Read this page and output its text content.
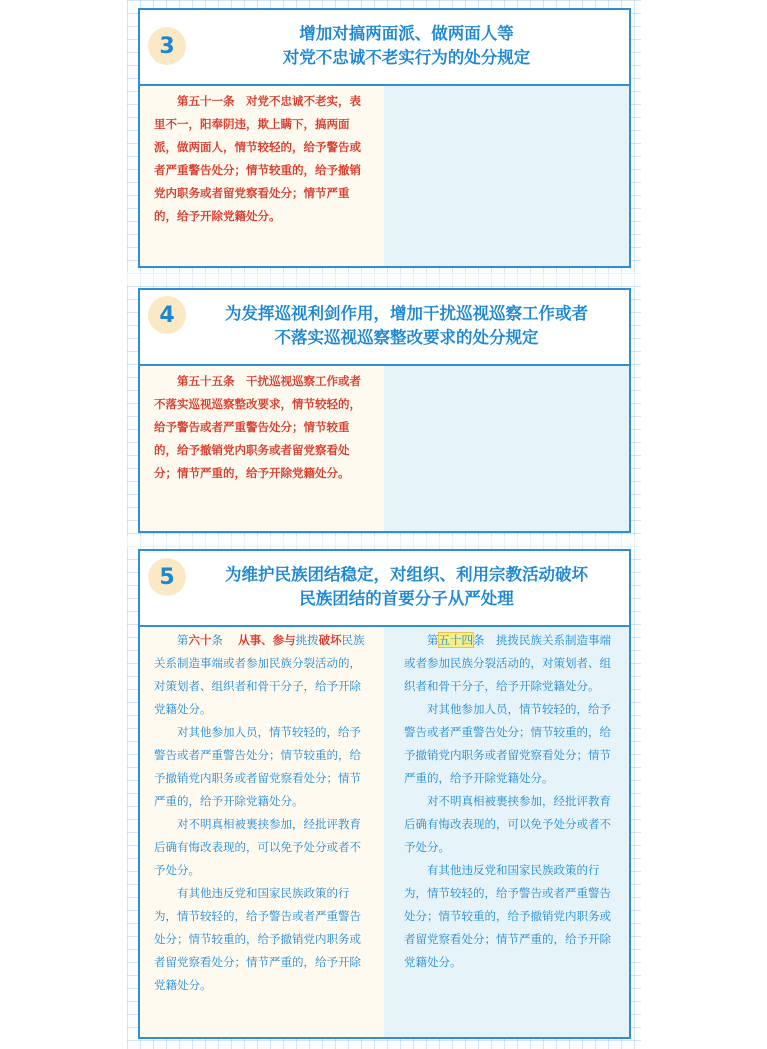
3	增加对搞两面派、做两面人等
对党不忠诚不老实行为的处分规定

第五十一条　对党不忠诚不老实，表里不一，阳奉阴违，欺上瞒下，搞两面派，做两面人，情节较轻的，给予警告或者严重警告处分；情节较重的，给予撤销党内职务或者留党察看处分；情节严重的，给予开除党籍处分。

4	为发挥巡视利剑作用，增加干扰巡视巡察工作或者
不落实巡视巡察整改要求的处分规定

第五十五条　干扰巡视巡察工作或者不落实巡视巡察整改要求，情节较轻的，给予警告或者严重警告处分；情节较重的，给予撤销党内职务或者留党察看处分；情节严重的，给予开除党籍处分。

5	为维护民族团结稳定，对组织、利用宗教活动破坏
民族团结的首要分子从严处理

第六十条　 从事、参与挑拨破坏民族关系制造事端或者参加民族分裂活动的，对策划者、组织者和骨干分子，给予开除党籍处分。

对其他参加人员，情节较轻的，给予警告或者严重警告处分；情节较重的，给予撤销党内职务或者留党察看处分；情节严重的，给予开除党籍处分。

对不明真相被裹挟参加，经批评教育后确有悔改表现的，可以免予处分或者不予处分。

有其他违反党和国家民族政策的行为，情节较轻的，给予警告或者严重警告处分；情节较重的，给予撤销党内职务或者留党察看处分；情节严重的，给予开除党籍处分。

第五十四条　挑拨民族关系制造事端或者参加民族分裂活动的，对策划者、组织者和骨干分子，给予开除党籍处分。

对其他参加人员，情节较轻的，给予警告或者严重警告处分；情节较重的，给予撤销党内职务或者留党察看处分；情节严重的，给予开除党籍处分。

对不明真相被裹挟参加，经批评教育后确有悔改表现的，可以免予处分或者不予处分。

有其他违反党和国家民族政策的行为，情节较轻的，给予警告或者严重警告处分；情节较重的，给予撤销党内职务或者留党察看处分；情节严重的，给予开除党籍处分。
